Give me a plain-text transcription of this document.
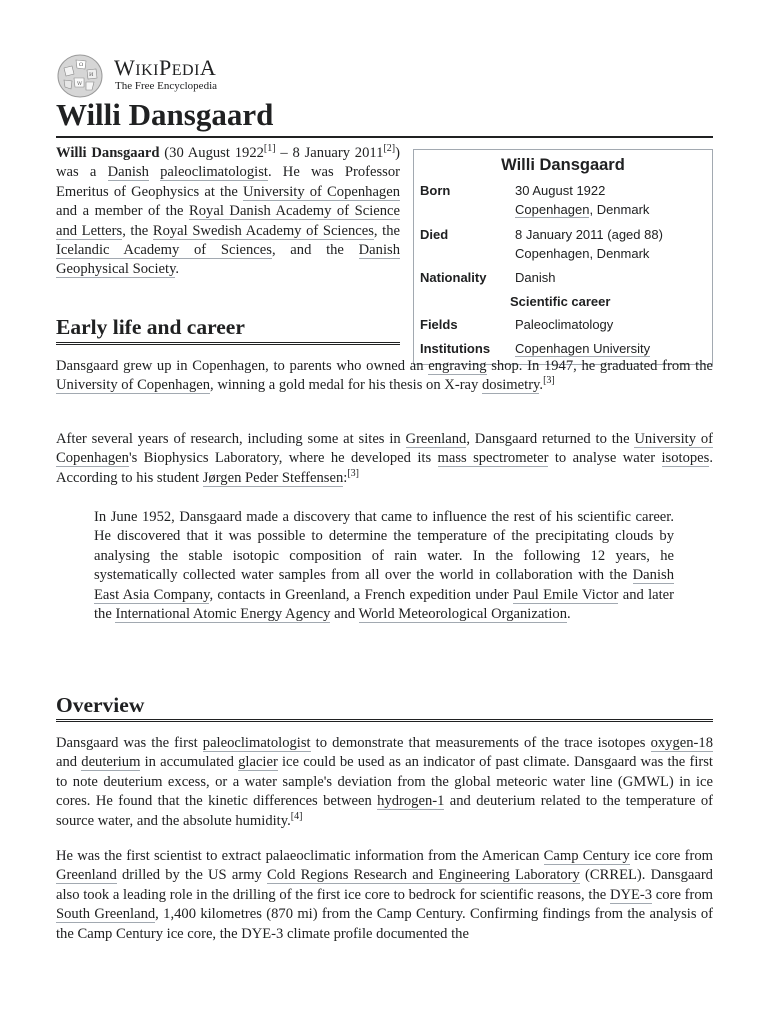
Ω
И
W
WIKIPEDIA
The Free Encyclopedia
Willi Dansgaard

Willi Dansgaard (30 August 1922[1] – 8 January 2011[2]) was a Danish paleoclimatologist. He was Professor Emeritus of Geophysics at the University of Copenhagen and a member of the Royal Danish Academy of Science and Letters, the Royal Swedish Academy of Sciences, the Icelandic Academy of Sciences, and the Danish Geophysical Society.

Willi Dansgaard
Born	30 August 1922
Copenhagen, Denmark
Died	8 January 2011 (aged 88)
Copenhagen, Denmark
Nationality Danish
Scientific career
Fields	Paleoclimatology
Institutions Copenhagen University
Early life and career

Dansgaard grew up in Copenhagen, to parents who owned an engraving shop. In 1947, he graduated from the University of Copenhagen, winning a gold medal for his thesis on X-ray dosimetry.[3]

After several years of research, including some at sites in Greenland, Dansgaard returned to the University of Copenhagen's Biophysics Laboratory, where he developed its mass spectrometer to analyse water isotopes. According to his student Jørgen Peder Steffensen:[3]

In June 1952, Dansgaard made a discovery that came to influence the rest of his scientific career. He discovered that it was possible to determine the temperature of the precipitating clouds by analysing the stable isotopic composition of rain water. In the following 12 years, he systematically collected water samples from all over the world in collaboration with the Danish East Asia Company, contacts in Greenland, a French expedition under Paul Emile Victor and later the International Atomic Energy Agency and World Meteorological Organization.

Overview

Dansgaard was the first paleoclimatologist to demonstrate that measurements of the trace isotopes oxygen-18 and deuterium in accumulated glacier ice could be used as an indicator of past climate. Dansgaard was the first to note deuterium excess, or a water sample's deviation from the global meteoric water line (GMWL) in ice cores. He found that the kinetic differences between hydrogen-1 and deuterium related to the temperature of source water, and the absolute humidity.[4]

He was the first scientist to extract palaeoclimatic information from the American Camp Century ice core from Greenland drilled by the US army Cold Regions Research and Engineering Laboratory (CRREL). Dansgaard also took a leading role in the drilling of the first ice core to bedrock for scientific reasons, the DYE-3 core from South Greenland, 1,400 kilometres (870 mi) from the Camp Century. Confirming findings from the analysis of the Camp Century ice core, the DYE-3 climate profile documented the
